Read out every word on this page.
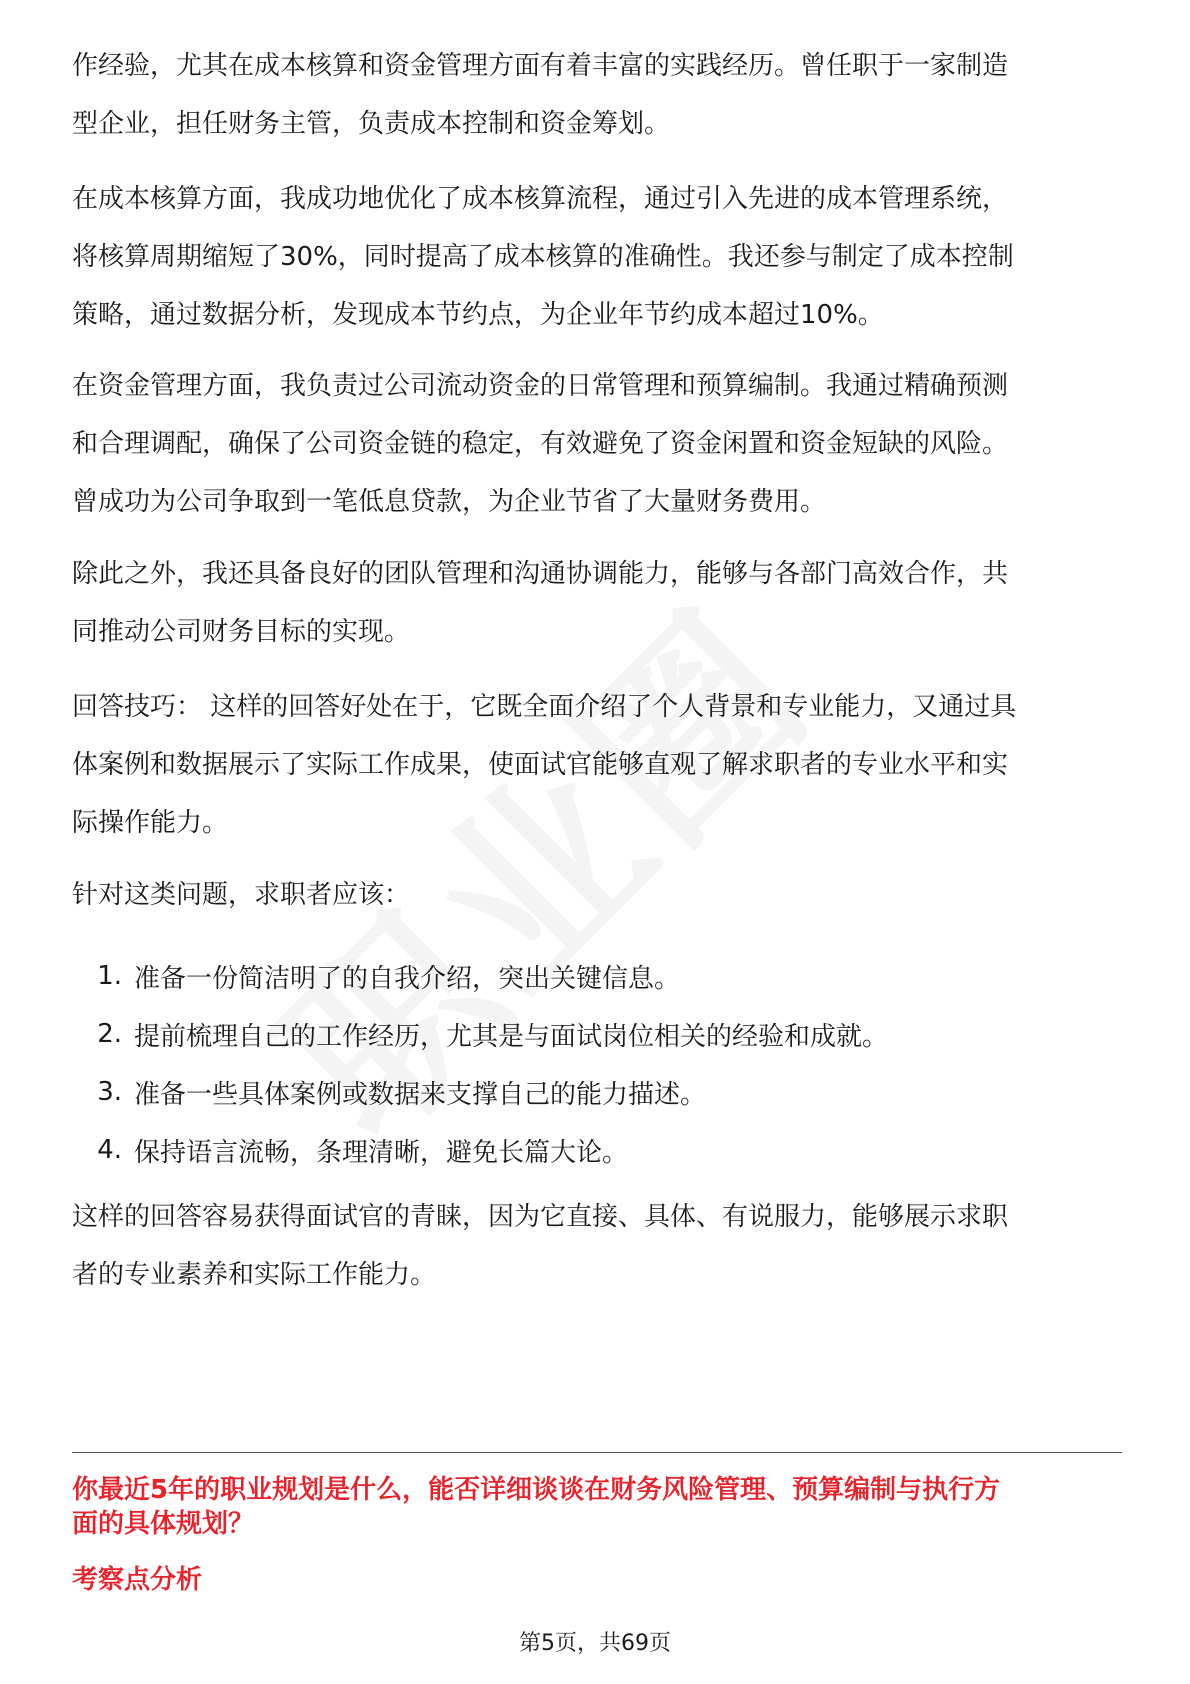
作经验，尤其在成本核算和资金管理方面有着丰富的实践经历。曾任职于一家制造
型企业，担任财务主管，负责成本控制和资金筹划。
在成本核算方面，我成功地优化了成本核算流程，通过引入先进的成本管理系统，
将核算周期缩短了30%，同时提高了成本核算的准确性。我还参与制定了成本控制
策略，通过数据分析，发现成本节约点，为企业年节约成本超过10%。
在资金管理方面，我负责过公司流动资金的日常管理和预算编制。我通过精确预测
和合理调配，确保了公司资金链的稳定，有效避免了资金闲置和资金短缺的风险。
曾成功为公司争取到一笔低息贷款，为企业节省了大量财务费用。
除此之外，我还具备良好的团队管理和沟通协调能力，能够与各部门高效合作，共
同推动公司财务目标的实现。
回答技巧： 这样的回答好处在于，它既全面介绍了个人背景和专业能力，又通过具
体案例和数据展示了实际工作成果，使面试官能够直观了解求职者的专业水平和实
际操作能力。
针对这类问题，求职者应该：
1. 准备一份简洁明了的自我介绍，突出关键信息。
2. 提前梳理自己的工作经历，尤其是与面试岗位相关的经验和成就。
3. 准备一些具体案例或数据来支撑自己的能力描述。
4. 保持语言流畅，条理清晰，避免长篇大论。
这样的回答容易获得面试官的青睐，因为它直接、具体、有说服力，能够展示求职
者的专业素养和实际工作能力。
你最近5年的职业规划是什么，能否详细谈谈在财务风险管理、预算编制与执行方
面的具体规划？
考察点分析
第5页，共69页
